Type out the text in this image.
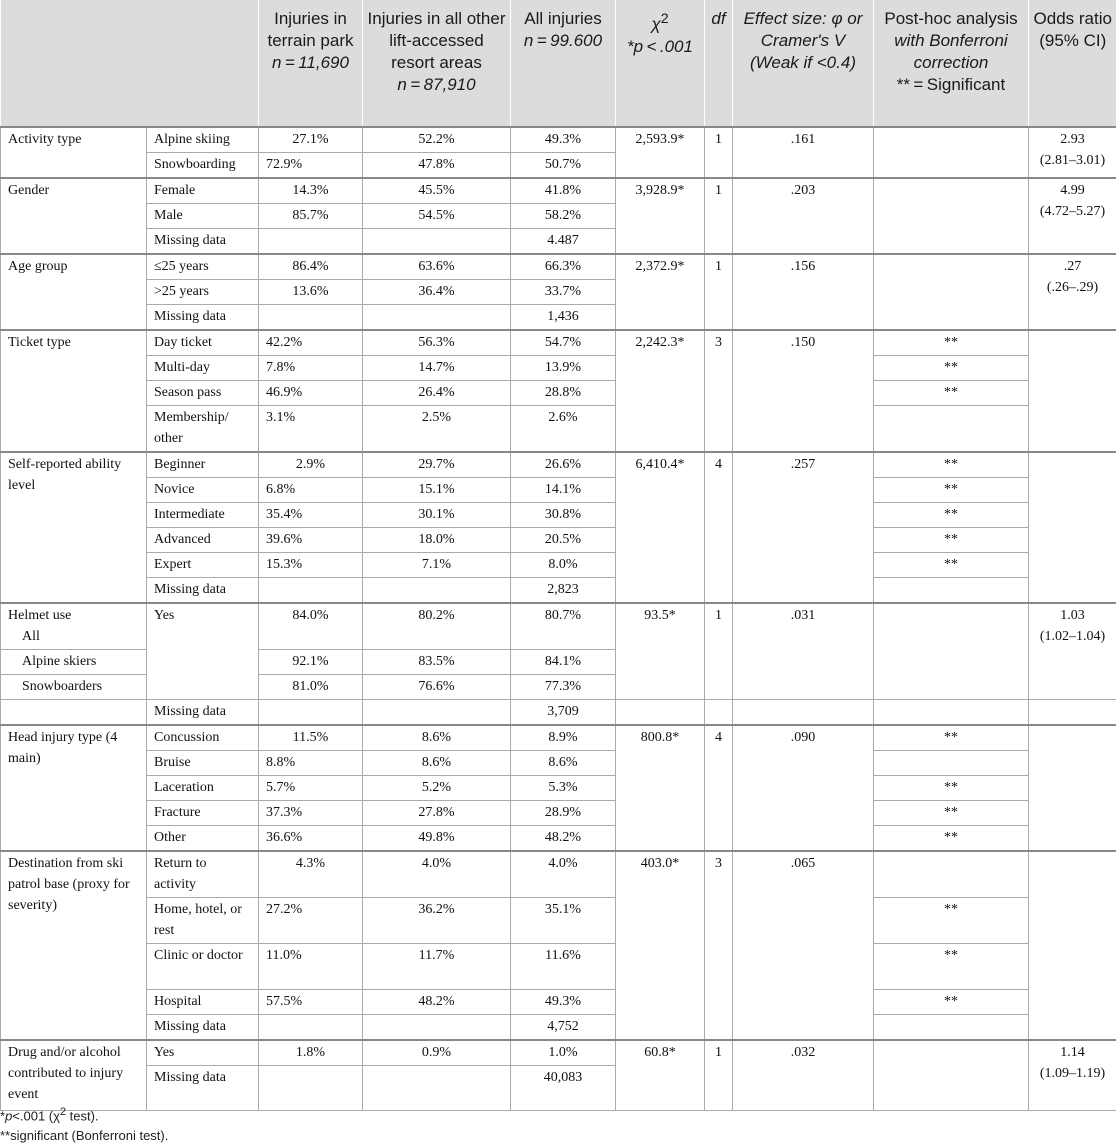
		Injuries in terrain park
n = 11,690	Injuries in all other lift-accessed resort areas
n = 87,910	All injuries
n = 99.600	$\chi^2$
*p < .001	df	Effect size: φ or Cramer's V (Weak if <0.4)	Post-hoc analysis
with Bonferroni correction
** = Significant	Odds ratio
(95% CI)
Activity type	Alpine skiing	27.1%	52.2%	49.3%	2,593.9*	1	.161		2.93
(2.81–3.01)
	Snowboarding	72.9%	47.8%	50.7%					
Gender	Female	14.3%	45.5%	41.8%	3,928.9*	1	.203		4.99
(4.72–5.27)
	Male	85.7%	54.5%	58.2%					
	Missing data			4.487					
Age group	≤25 years	86.4%	63.6%	66.3%	2,372.9*	1	.156		.27
(.26–.29)
	>25 years	13.6%	36.4%	33.7%					
	Missing data			1,436					
Ticket type	Day ticket	42.2%	56.3%	54.7%	2,242.3*	3	.150	**	
	Multi-day	7.8%	14.7%	13.9%				**	
	Season pass	46.9%	26.4%	28.8%				**	
	Membership/ other	3.1%	2.5%	2.6%					
Self-reported ability level	Beginner	2.9%	29.7%	26.6%	6,410.4*	4	.257	**	
	Novice	6.8%	15.1%	14.1%				**	
	Intermediate	35.4%	30.1%	30.8%				**	
	Advanced	39.6%	18.0%	20.5%				**	
	Expert	15.3%	7.1%	8.0%				**	
	Missing data			2,823					
Helmet use
All	Yes	84.0%	80.2%	80.7%	93.5*	1	.031		1.03
(1.02–1.04)
Alpine skiers		92.1%	83.5%	84.1%					
Snowboarders		81.0%	76.6%	77.3%					
	Missing data			3,709					
Head injury type (4 main)	Concussion	11.5%	8.6%	8.9%	800.8*	4	.090	**	
	Bruise	8.8%	8.6%	8.6%					
	Laceration	5.7%	5.2%	5.3%				**	
	Fracture	37.3%	27.8%	28.9%				**	
	Other	36.6%	49.8%	48.2%				**	
Destination from ski patrol base (proxy for severity)	Return to activity	4.3%	4.0%	4.0%	403.0*	3	.065		
	Home, hotel, or rest	27.2%	36.2%	35.1%				**	
	Clinic or doctor	11.0%	11.7%	11.6%				**	
	Hospital	57.5%	48.2%	49.3%				**	
	Missing data			4,752					
Drug and/or alcohol contributed to injury event	Yes	1.8%	0.9%	1.0%	60.8*	1	.032		1.14
(1.09–1.19)
	Missing data			40,083					
*p<.001 ($\chi^2$ test).
**significant (Bonferroni test).
